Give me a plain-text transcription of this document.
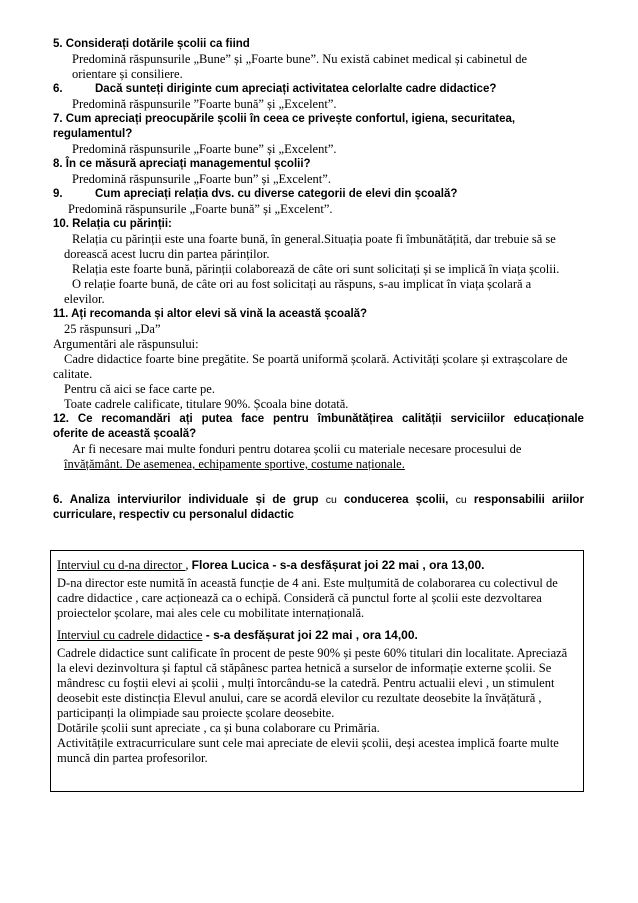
5. Considerați dotările școlii ca fiind
Predomină răspunsurile „Bune” și „Foarte bune”. Nu există cabinet medical și cabinetul de
orientare și consiliere.
6.	Dacă sunteți diriginte cum apreciați activitatea celorlalte cadre didactice?
Predomină răspunsurile ”Foarte bună” și „Excelent”.
7. Cum apreciați preocupările școlii în ceea ce privește confortul, igiena, securitatea,
regulamentul?
Predomină răspunsurile „Foarte bune” și „Excelent”.
8. În ce măsură apreciați managementul școlii?
Predomină răspunsurile „Foarte bun” și „Excelent”.
9.	Cum apreciați relația dvs. cu diverse categorii de elevi din școală?
Predomină răspunsurile „Foarte bună” și „Excelent”.
10. Relația cu părinții:
Relația cu părinții este una foarte bună, în general.Situația poate fi îmbunătățită, dar trebuie să se
dorească acest lucru din partea părinților.
Relația este foarte bună, părinții colaborează de câte ori sunt solicitați și se implică în viața școlii.
O relație foarte bună, de câte ori au fost solicitați au răspuns, s-au implicat în viața școlară a
elevilor.
11. Ați recomanda și altor elevi să vină la această școală?
25 răspunsuri „Da”
Argumentări ale răspunsului:
Cadre didactice foarte bine pregătite. Se poartă uniformă școlară. Activități școlare și extrașcolare de
calitate.
Pentru că aici se face carte pe.
Toate cadrele calificate, titulare 90%. Școala bine dotată.
12. Ce recomandări ați putea face pentru îmbunătățirea calității serviciilor educaționale
oferite de această școală?
Ar fi necesare mai multe fonduri pentru dotarea școlii cu materiale necesare procesului de
învățământ. De asemenea, echipamente sportive, costume naționale.
6. Analiza interviurilor individuale și de grup cu conducerea școlii, cu responsabilii ariilor
curriculare, respectiv cu personalul didactic
Interviul cu d-na director , Florea Lucica - s-a desfășurat joi 22 mai , ora 13,00.
D-na director este numită în această funcție de 4 ani. Este mulțumită de colaborarea cu colectivul de
cadre didactice , care acționează ca o echipă. Consideră că punctul forte al școlii este dezvoltarea
proiectelor școlare, mai ales cele cu mobilitate internațională.
Interviul cu cadrele didactice - s-a desfășurat joi 22 mai , ora 14,00.
Cadrele didactice sunt calificate în procent de peste 90% și peste 60% titulari din localitate. Apreciază
la elevi dezinvoltura și faptul că stăpânesc partea hetnică a surselor de informație externe școlii. Se
mândresc cu foștii elevi ai școlii , mulți întorcându-se la catedră. Pentru actualii elevi , un stimulent
deosebit este distincția Elevul anului, care se acordă elevilor cu rezultate deosebite la învățătură ,
participanți la olimpiade sau proiecte școlare deosebite.
Dotările școlii sunt apreciate , ca și buna colaborare cu Primăria.
Activitățile extracurriculare sunt cele mai apreciate de elevii școlii, deși acestea implică foarte multe
muncă din partea profesorilor.
